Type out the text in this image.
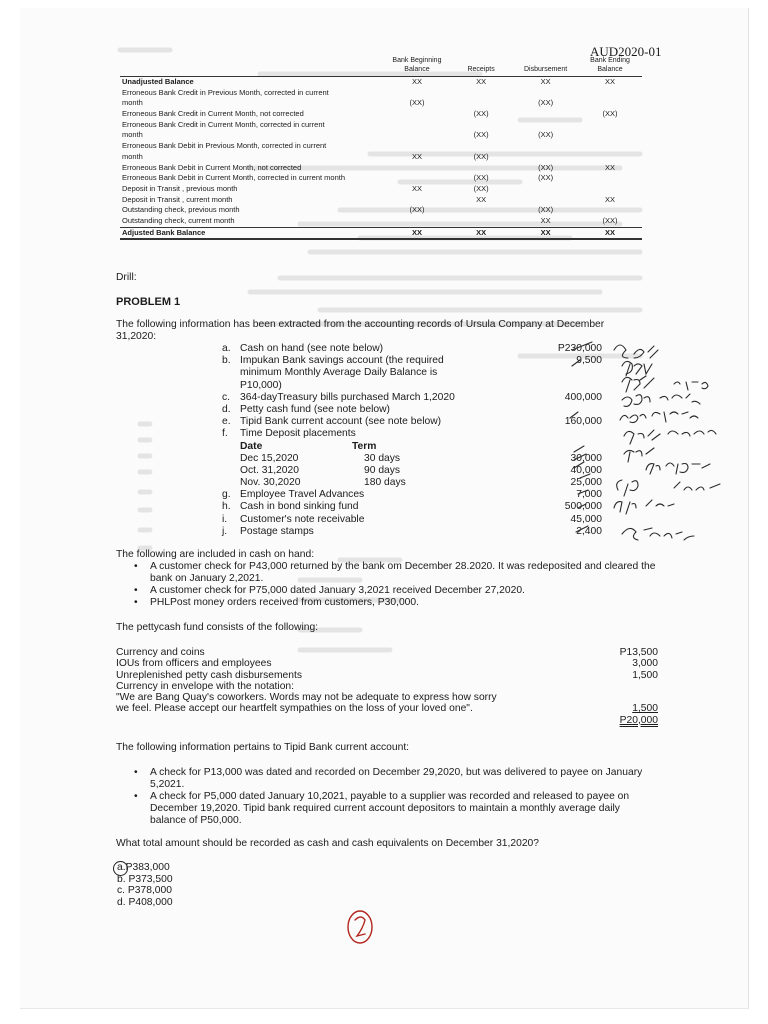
AUD2020-01
	Bank Beginning Balance	Receipts	Disbursement	Bank Ending Balance
Unadjusted Balance	XX	XX	XX	XX
Erroneous Bank Credit in Previous Month, corrected in current				
month	(XX)		(XX)	
Erroneous Bank Credit in Current Month, not corrected		(XX)		(XX)
Erroneous Bank Credit in Current Month, corrected in current				
month		(XX)	(XX)	
Erroneous Bank Debit in Previous Month, corrected in current				
month	XX	(XX)		
Erroneous Bank Debit in Current Month, not corrected			(XX)	XX
Erroneous Bank Debit in Current Month, corrected in current month		(XX)	(XX)	
Deposit in Transit , previous month	XX	(XX)		
Deposit in Transit , current month		XX		XX
Outstanding check, previous month	(XX)		(XX)	
Outstanding check, current month			XX	(XX)
Adjusted Bank Balance	XX	XX	XX	XX
Drill:
PROBLEM 1
The following information has been extracted from the accounting records of Ursula Company at December 31,2020:
a. Cash on hand (see note below)	P230,000
b. Impukan Bank savings account (the required	9,500
minimum Monthly Average Daily Balance is
P10,000)
c. 364-dayTreasury bills purchased March 1,2020	400,000
d. Petty cash fund (see note below)
e. Tipid Bank current account (see note below)	160,000
f. Time Deposit placements
Date	Term
Dec 15,2020	30 days	30,000
Oct. 31,2020	90 days	40,000
Nov. 30,2020	180 days	25,000
g. Employee Travel Advances	7,000
h. Cash in bond sinking fund	500,000
i. Customer's note receivable	45,000
j. Postage stamps	2,400
The following are included in cash on hand:
• A customer check for P43,000 returned by the bank om December 28.2020. It was redeposited and cleared the bank on January 2,2021.
• A customer check for P75,000 dated January 3,2021 received December 27,2020.
• PHLPost money orders received from customers, P30,000.
The pettycash fund consists of the following:
Currency and coins	P13,500
IOUs from officers and employees	3,000
Unreplenished petty cash disbursements	1,500
Currency in envelope with the notation:
"We are Bang Quay's coworkers. Words may not be adequate to express how sorry
we feel. Please accept our heartfelt sympathies on the loss of your loved one".	1,500
P20,000
The following information pertains to Tipid Bank current account:
• A check for P13,000 was dated and recorded on December 29,2020, but was delivered to payee on January 5,2021.
• A check for P5,000 dated January 10,2021, payable to a supplier was recorded and released to payee on December 19,2020. Tipid bank required current account depositors to maintain a monthly average daily balance of P50,000.
What total amount should be recorded as cash and cash equivalents on December 31,2020?
a.P383,000
b. P373,500
c. P378,000
d. P408,000
